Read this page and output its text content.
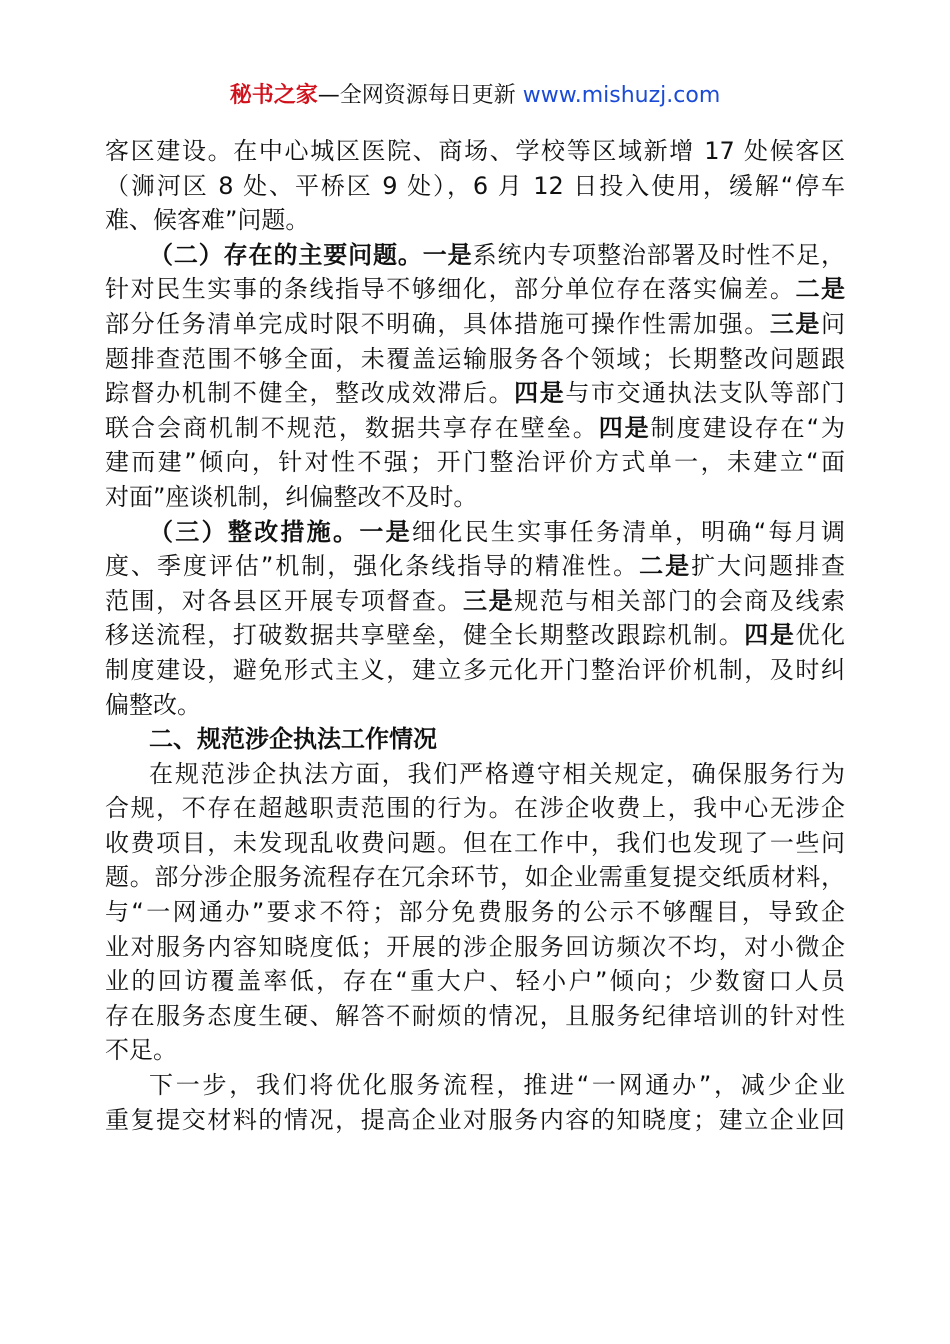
秘书之家—全网资源每日更新 www.mishuzj.com
客区建设。在中心城区医院、商场、学校等区域新增 17 处候客区
（浉河区 8 处、平桥区 9 处），6 月 12 日投入使用，缓解“停车
难、候客难”问题。
（二）存在的主要问题。一是系统内专项整治部署及时性不足，
针对民生实事的条线指导不够细化，部分单位存在落实偏差。二是
部分任务清单完成时限不明确，具体措施可操作性需加强。三是问
题排查范围不够全面，未覆盖运输服务各个领域；长期整改问题跟
踪督办机制不健全，整改成效滞后。四是与市交通执法支队等部门
联合会商机制不规范，数据共享存在壁垒。四是制度建设存在“为
建而建”倾向，针对性不强；开门整治评价方式单一，未建立“面
对面”座谈机制，纠偏整改不及时。
（三）整改措施。一是细化民生实事任务清单，明确“每月调
度、季度评估”机制，强化条线指导的精准性。二是扩大问题排查
范围，对各县区开展专项督查。三是规范与相关部门的会商及线索
移送流程，打破数据共享壁垒，健全长期整改跟踪机制。四是优化
制度建设，避免形式主义，建立多元化开门整治评价机制，及时纠
偏整改。
二、规范涉企执法工作情况
在规范涉企执法方面，我们严格遵守相关规定，确保服务行为
合规，不存在超越职责范围的行为。在涉企收费上，我中心无涉企
收费项目，未发现乱收费问题。但在工作中，我们也发现了一些问
题。部分涉企服务流程存在冗余环节，如企业需重复提交纸质材料，
与“一网通办”要求不符；部分免费服务的公示不够醒目，导致企
业对服务内容知晓度低；开展的涉企服务回访频次不均，对小微企
业的回访覆盖率低，存在“重大户、轻小户”倾向；少数窗口人员
存在服务态度生硬、解答不耐烦的情况，且服务纪律培训的针对性
不足。
下一步，我们将优化服务流程，推进“一网通办”，减少企业
重复提交材料的情况，提高企业对服务内容的知晓度；建立企业回
